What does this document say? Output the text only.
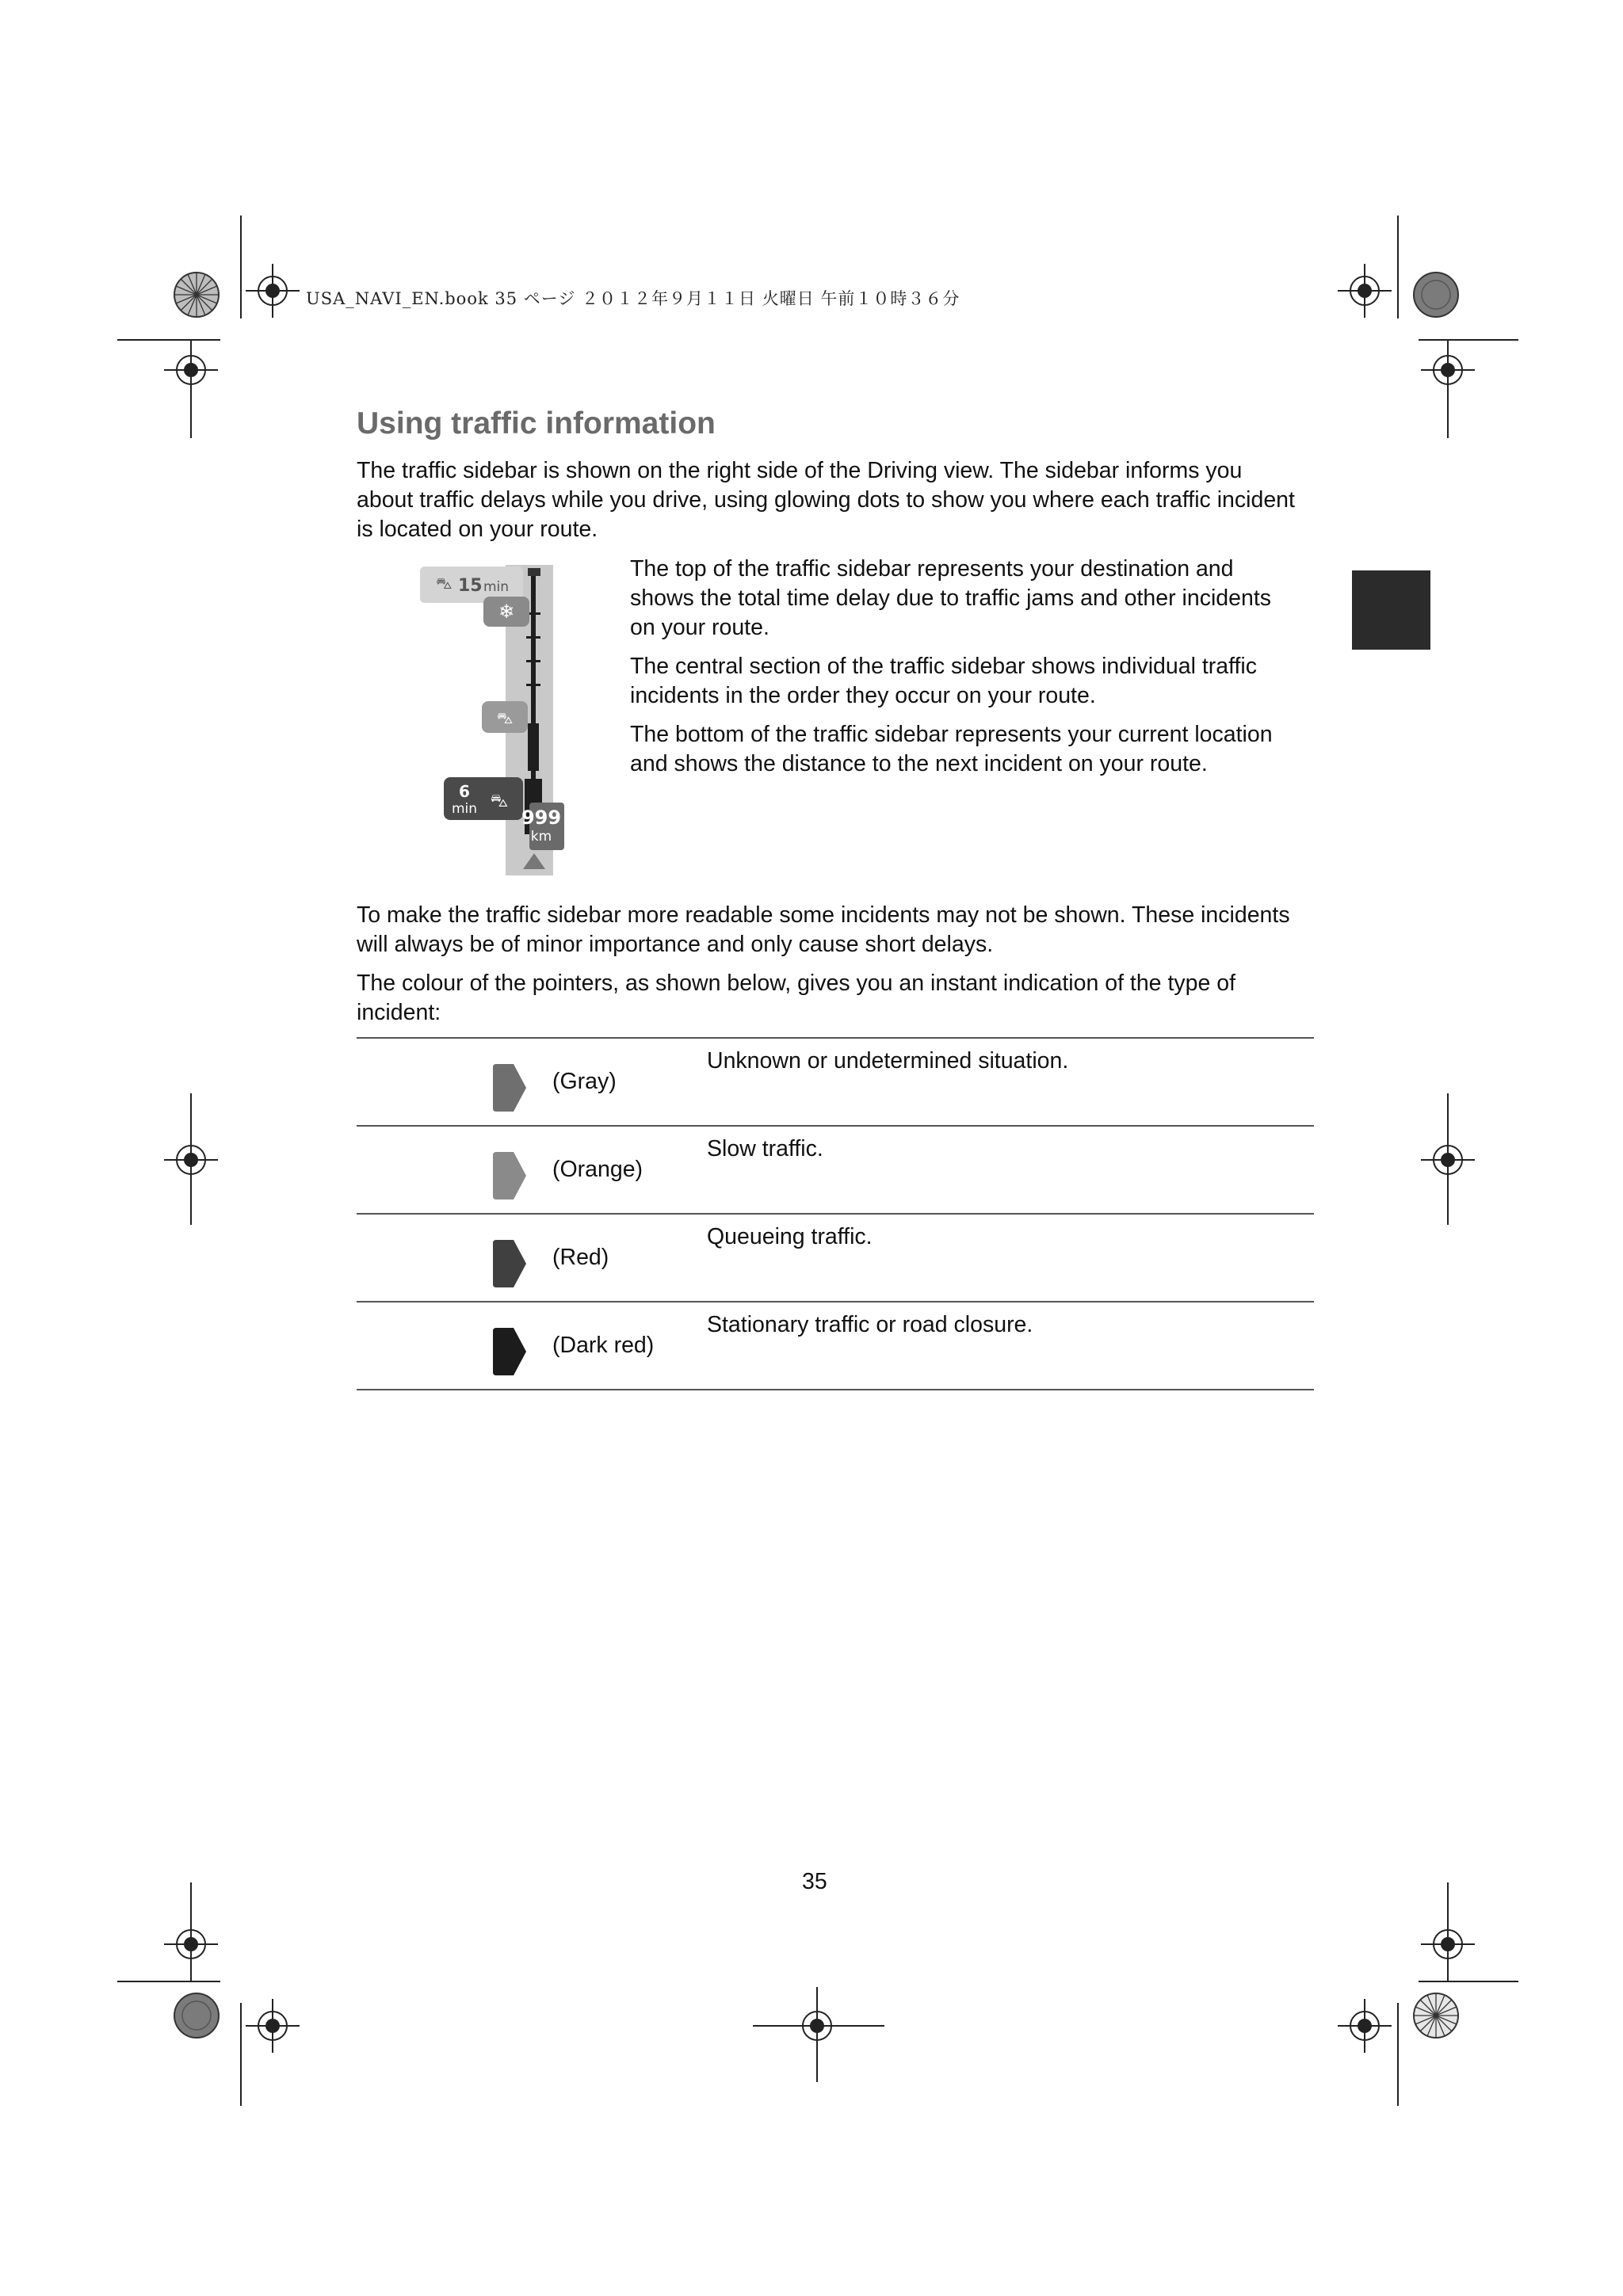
USA_NAVI_EN.book 35 ページ ２０１２年９月１１日 火曜日 午前１０時３６分
Using traffic information
The traffic sidebar is shown on the right side of the Driving view. The sidebar informs you
about traffic delays while you drive, using glowing dots to show you where each traffic incident
is located on your route.
❄
⛍
⛍ 15 min
6
min ⛍
999
km
The top of the traffic sidebar represents your destination and
shows the total time delay due to traffic jams and other incidents
on your route.
The central section of the traffic sidebar shows individual traffic
incidents in the order they occur on your route.
The bottom of the traffic sidebar represents your current location
and shows the distance to the next incident on your route.
To make the traffic sidebar more readable some incidents may not be shown. These incidents
will always be of minor importance and only cause short delays.
The colour of the pointers, as shown below, gives you an instant indication of the type of
incident:
(Gray)
Unknown or undetermined situation.
(Orange)
Slow traffic.
(Red)
Queueing traffic.
(Dark red)
Stationary traffic or road closure.
35
